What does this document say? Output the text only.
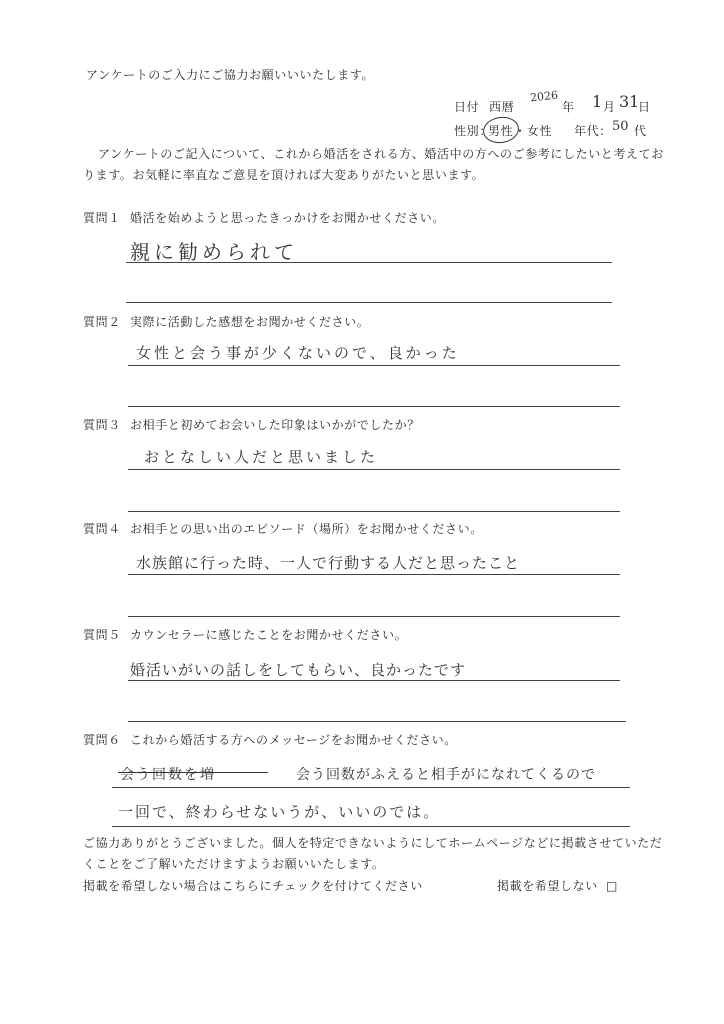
アンケートのご入力にご協力お願いいいたします。
日付 西暦
2026
年 1 月 31
日
性別：
男性 ・ 女性 年代： 50 代
アンケートのご記入について、これから婚活をされる方、婚活中の方へのご参考にしたいと考えてお
ります。お気軽に率直なご意見を頂ければ大変ありがたいと思います。
質問１ 婚活を始めようと思ったきっかけをお聞かせください。
親に勧められて
質問２ 実際に活動した感想をお聞かせください。
女性と会う事が少くないので、良かった
質問３ お相手と初めてお会いした印象はいかがでしたか？
おとなしい人だと思いました
質問４ お相手との思い出のエピソード（場所）をお聞かせください。
水族館に行った時、一人で行動する人だと思ったこと
質問５ カウンセラーに感じたことをお聞かせください。
婚活いがいの話しをしてもらい、良かったです
質問６ これから婚活する方へのメッセージをお聞かせください。
会う回数を増	会う回数がふえると相手がになれてくるので
一回で、終わらせないうが、いいのでは。
ご協力ありがとうございました。個人を特定できないようにしてホームページなどに掲載させていただ
くことをご了解いただけますようお願いいたします。
掲載を希望しない場合はこちらにチェックを付けてください	掲載を希望しない □
